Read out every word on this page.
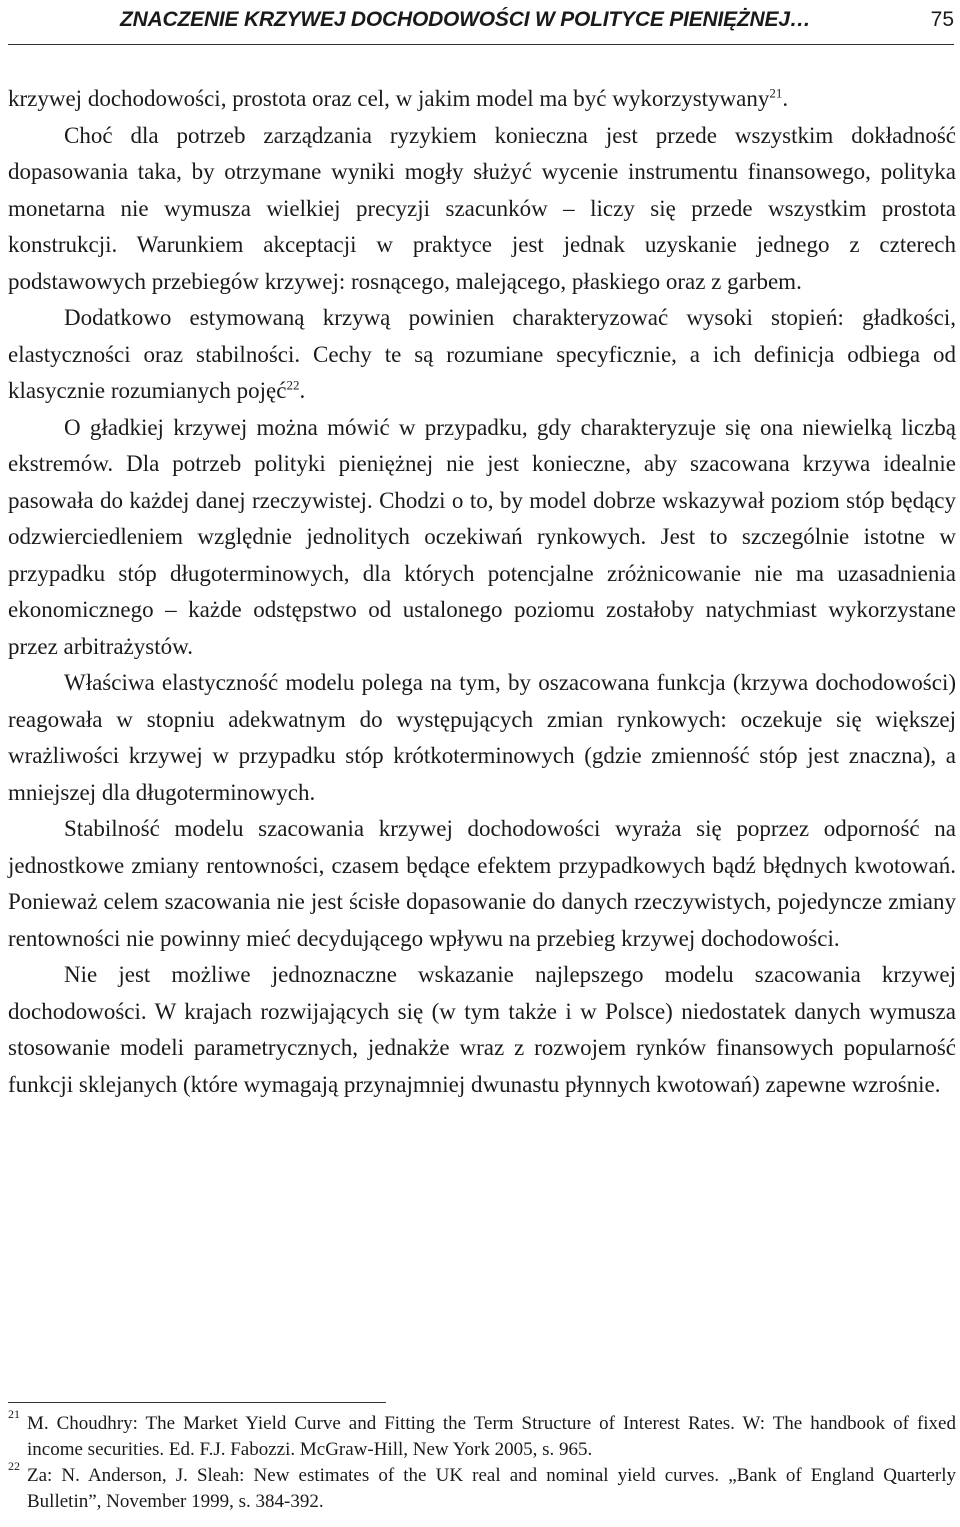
ZNACZENIE KRZYWEJ DOCHODOWOŚCI W POLITYCE PIENIĘŻNEJ…	75

krzywej dochodowości, prostota oraz cel, w jakim model ma być wykorzystywany$^{21}$.

Choć dla potrzeb zarządzania ryzykiem konieczna jest przede wszystkim dokładność dopasowania taka, by otrzymane wyniki mogły służyć wycenie instrumentu finansowego, polityka monetarna nie wymusza wielkiej precyzji szacunków – liczy się przede wszystkim prostota konstrukcji. Warunkiem akceptacji w praktyce jest jednak uzyskanie jednego z czterech podstawowych przebiegów krzywej: rosnącego, malejącego, płaskiego oraz z garbem.

Dodatkowo estymowaną krzywą powinien charakteryzować wysoki stopień: gładkości, elastyczności oraz stabilności. Cechy te są rozumiane specyficznie, a ich definicja odbiega od klasycznie rozumianych pojęć$^{22}$.

O gładkiej krzywej można mówić w przypadku, gdy charakteryzuje się ona niewielką liczbą ekstremów. Dla potrzeb polityki pieniężnej nie jest konieczne, aby szacowana krzywa idealnie pasowała do każdej danej rzeczywistej. Chodzi o to, by model dobrze wskazywał poziom stóp będący odzwierciedleniem względnie jednolitych oczekiwań rynkowych. Jest to szczególnie istotne w przypadku stóp długoterminowych, dla których potencjalne zróżnicowanie nie ma uzasadnienia ekonomicznego – każde odstępstwo od ustalonego poziomu zostałoby natychmiast wykorzystane przez arbitrażystów.

Właściwa elastyczność modelu polega na tym, by oszacowana funkcja (krzywa dochodowości) reagowała w stopniu adekwatnym do występujących zmian rynkowych: oczekuje się większej wrażliwości krzywej w przypadku stóp krótkoterminowych (gdzie zmienność stóp jest znaczna), a mniejszej dla długoterminowych.

Stabilność modelu szacowania krzywej dochodowości wyraża się poprzez odporność na jednostkowe zmiany rentowności, czasem będące efektem przypadkowych bądź błędnych kwotowań. Ponieważ celem szacowania nie jest ścisłe dopasowanie do danych rzeczywistych, pojedyncze zmiany rentowności nie powinny mieć decydującego wpływu na przebieg krzywej dochodowości.

Nie jest możliwe jednoznaczne wskazanie najlepszego modelu szacowania krzywej dochodowości. W krajach rozwijających się (w tym także i w Polsce) niedostatek danych wymusza stosowanie modeli parametrycznych, jednakże wraz z rozwojem rynków finansowych popularność funkcji sklejanych (które wymagają przynajmniej dwunastu płynnych kwotowań) zapewne wzrośnie.

21 M. Choudhry: The Market Yield Curve and Fitting the Term Structure of Interest Rates. W: The handbook of fixed income securities. Ed. F.J. Fabozzi. McGraw-Hill, New York 2005, s. 965.

22 Za: N. Anderson, J. Sleah: New estimates of the UK real and nominal yield curves. „Bank of England Quarterly Bulletin”, November 1999, s. 384-392.
